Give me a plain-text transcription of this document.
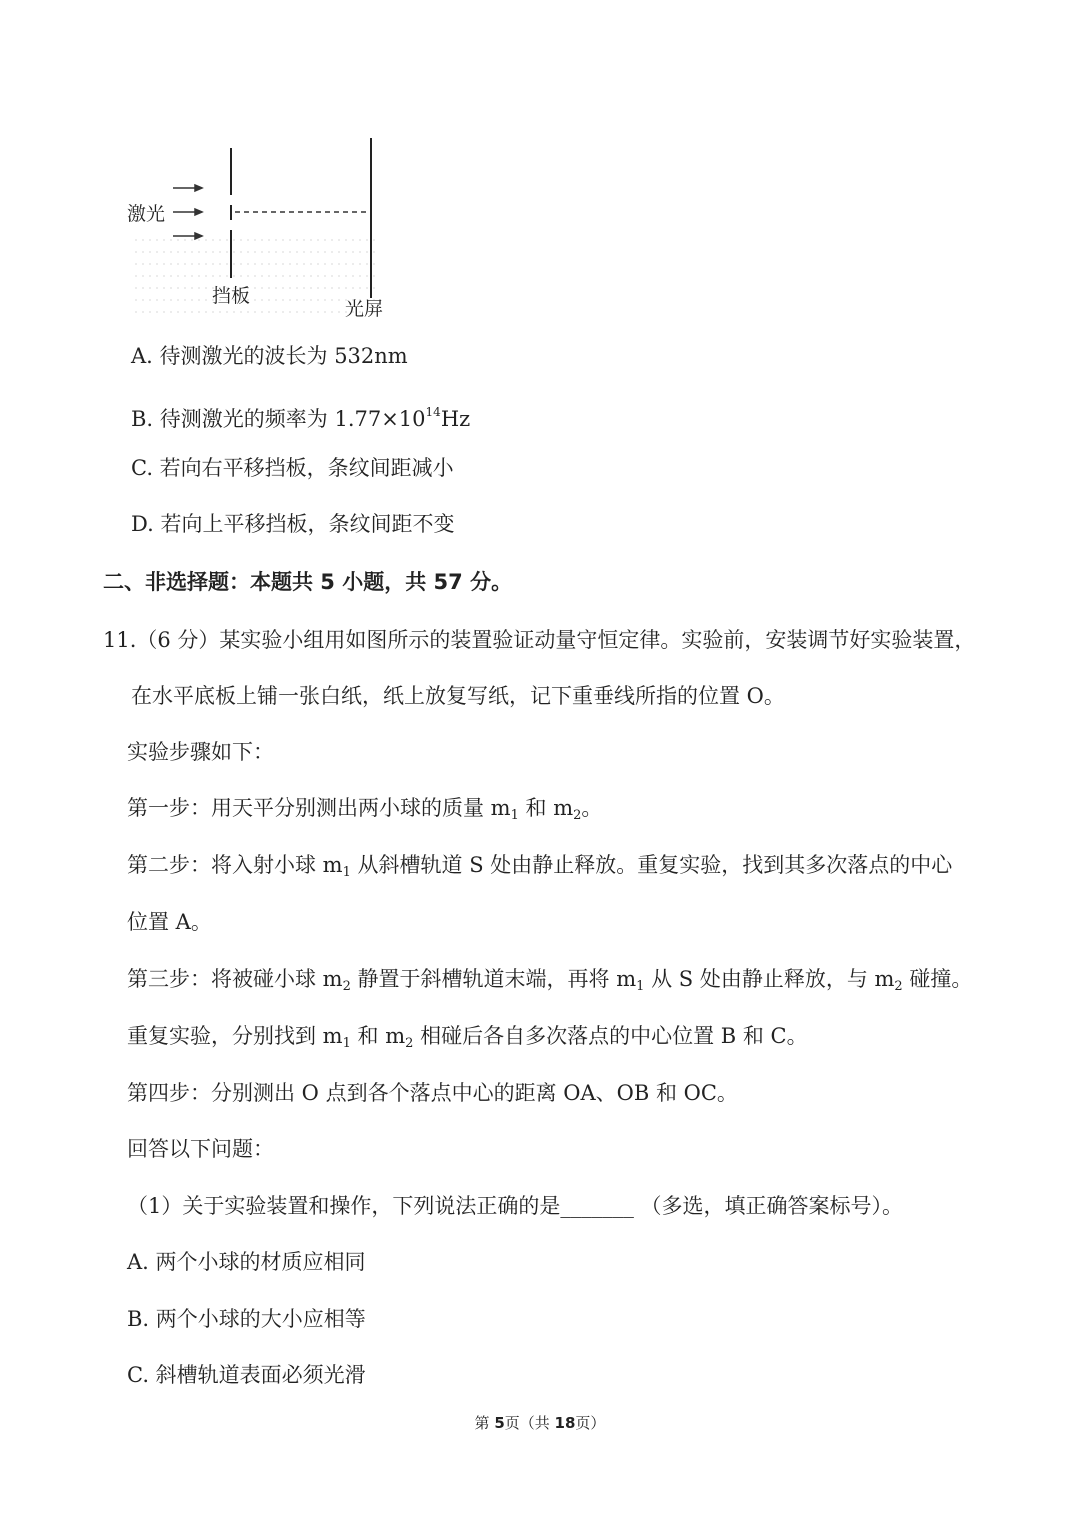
激光
挡板
光屏
A. 待测激光的波长为 532nm
B. 待测激光的频率为 $1.77\times 10^{14}Hz$
C. 若向右平移挡板，条纹间距减小
D. 若向上平移挡板，条纹间距不变
二、非选择题：本题共 5 小题，共 57 分。
11.（6 分）某实验小组用如图所示的装置验证动量守恒定律。实验前，安装调节好实验装置，
在水平底板上铺一张白纸，纸上放复写纸，记下重垂线所指的位置 O。
实验步骤如下：
第一步：用天平分别测出两小球的质量 $m_1$ 和 $m_2$。
第二步：将入射小球 $m_1$ 从斜槽轨道 S 处由静止释放。重复实验，找到其多次落点的中心
位置 A。
第三步：将被碰小球 $m_2$ 静置于斜槽轨道末端，再将 $m_1$ 从 S 处由静止释放，与 $m_2$ 碰撞。
重复实验，分别找到 $m_1$ 和 $m_2$ 相碰后各自多次落点的中心位置 B 和 C。
第四步：分别测出 O 点到各个落点中心的距离 OA、OB 和 OC。
回答以下问题：
（1）关于实验装置和操作，下列说法正确的是_______ （多选，填正确答案标号）。
A. 两个小球的材质应相同
B. 两个小球的大小应相等
C. 斜槽轨道表面必须光滑
第 5页（共 18页）
